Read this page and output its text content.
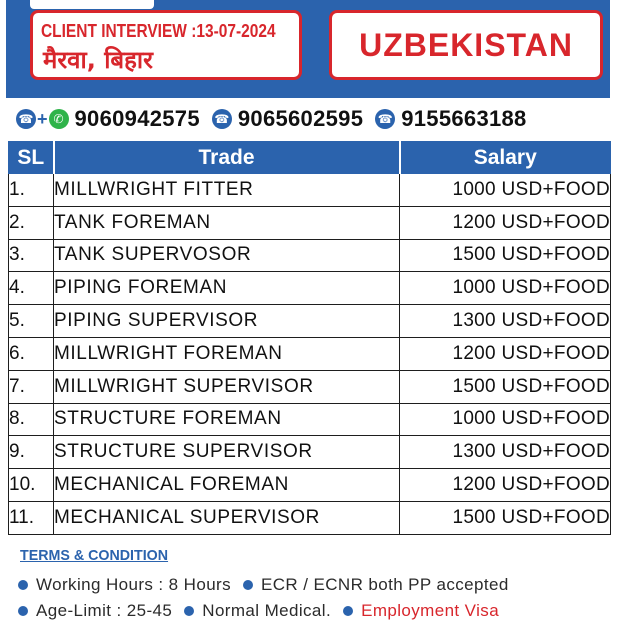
CLIENT INTERVIEW :13-07-2024
मैरवा, बिहार	UZBEKISTAN
☎ + ✆ 9060942575 ☎ 9065602595 ☎ 9155663188
SL	Trade	Salary
1.	MILLWRIGHT FITTER	1000 USD+FOOD
2.	TANK FOREMAN	1200 USD+FOOD
3.	TANK SUPERVOSOR	1500 USD+FOOD
4.	PIPING FOREMAN	1000 USD+FOOD
5.	PIPING SUPERVISOR	1300 USD+FOOD
6.	MILLWRIGHT FOREMAN	1200 USD+FOOD
7.	MILLWRIGHT SUPERVISOR	1500 USD+FOOD
8.	STRUCTURE FOREMAN	1000 USD+FOOD
9.	STRUCTURE SUPERVISOR	1300 USD+FOOD
10.	MECHANICAL FOREMAN	1200 USD+FOOD
11.	MECHANICAL SUPERVISOR	1500 USD+FOOD
TERMS & CONDITION
Working Hours : 8 Hours ECR / ECNR both PP accepted
Age-Limit : 25-45 Normal Medical. Employment Visa
